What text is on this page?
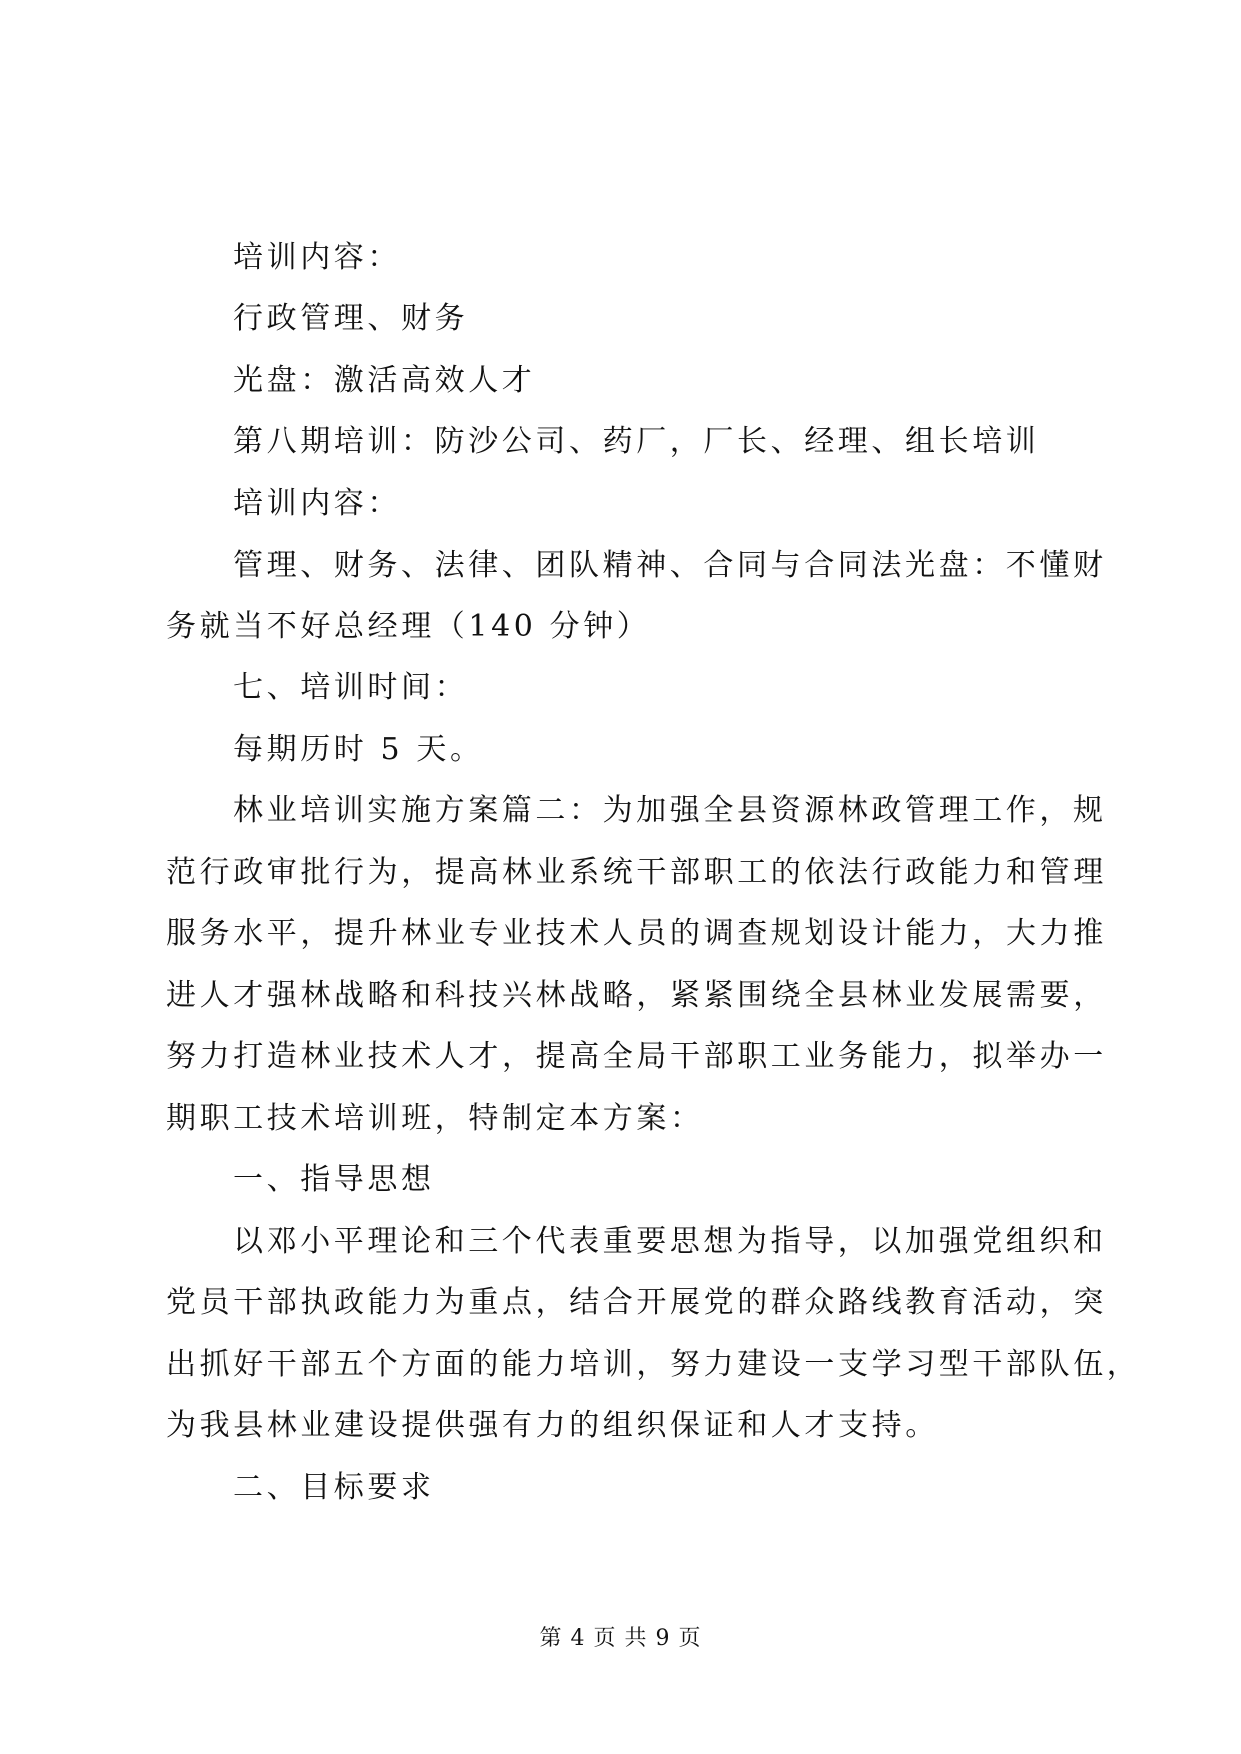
培训内容：
行政管理、财务
光盘：激活高效人才
第八期培训：防沙公司、药厂，厂长、经理、组长培训
培训内容：
管理、财务、法律、团队精神、合同与合同法光盘：不懂财
务就当不好总经理（140 分钟）
七、培训时间：
每期历时 5 天。
林业培训实施方案篇二：为加强全县资源林政管理工作，规
范行政审批行为，提高林业系统干部职工的依法行政能力和管理
服务水平，提升林业专业技术人员的调查规划设计能力，大力推
进人才强林战略和科技兴林战略，紧紧围绕全县林业发展需要，
努力打造林业技术人才，提高全局干部职工业务能力，拟举办一
期职工技术培训班，特制定本方案：
一、指导思想
以邓小平理论和三个代表重要思想为指导，以加强党组织和
党员干部执政能力为重点，结合开展党的群众路线教育活动，突
出抓好干部五个方面的能力培训，努力建设一支学习型干部队伍，
为我县林业建设提供强有力的组织保证和人才支持。
二、目标要求
第 4 页 共 9 页
